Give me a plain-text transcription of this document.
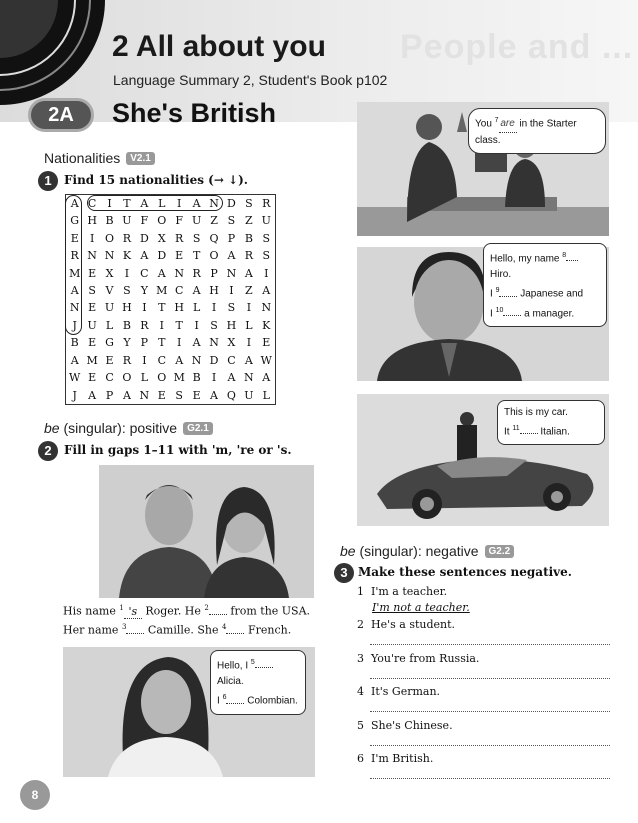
People and ...
2 All about you
Language Summary 2, Student's Book p102
2A	She's British
Nationalities V2.1
1	Find 15 nationalities (→ ↓).
A C	I	T A L	I	A N D S R
G H B U F O F U Z S Z U
E	I O R D X R S Q P B S
R N N K A D E T O A R S
M E X	I	C A N R P N A	I
A S V S Y M C A H I	Z A
N E U H I	T H L	I	S	I N
J U L B R	I	T	I	S H L K
B E G Y P T	I	A N X	I	E
A M E R	I	C A N D C A W
W E C O L O M B	I	A N A
J	A P A N E S E A Q U L
be (singular): positive G2.1
2	Fill in gaps 1–11 with 'm, 're or 's.
His name $^1$ 's Roger. He $^2$ from the USA.
Her name $^3$ Camille. She $^4$ French.
Hello, I $^5$ Alicia.
I $^6$ Colombian.
You $^7$ are in the Starter class.
Hello, my name $^8$ Hiro.
I $^9$ Japanese and
I $^{10}$ a manager.
This is my car.
It $^{11}$ Italian.
be (singular): negative G2.2
3 Make these sentences negative.
1 I'm a teacher.
I'm not a teacher.
2 He's a student.
3 You're from Russia.
4 It's German.
5 She's Chinese.
6 I'm British.
8
